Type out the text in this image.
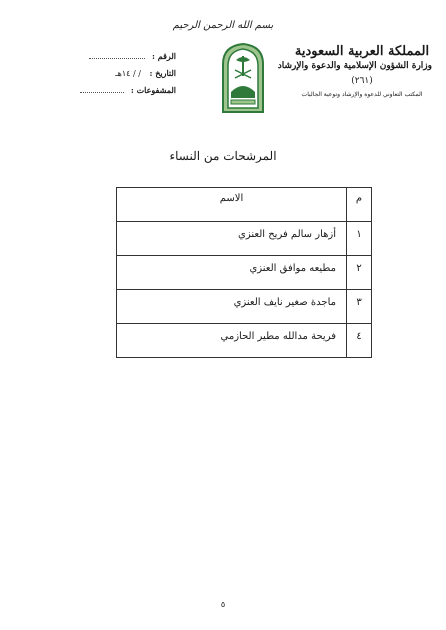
بسم الله الرحمن الرحيم
المملكة العربية السعودية
وزارة الشؤون الإسلامية والدعوة والإرشاد
(٢٦١)
المكتب التعاوني للدعوة والإرشاد وتوعية الجاليات
الرقم :
التاريخ : / / ١٤هـ
المشفوعات :
المرشحات من النساء
م	الاسم
١	أزهار سالم فريح العنزي
٢	مطيعه موافق العنزي
٣	ماجدة صغير نايف العنزي
٤	فريحة مدالله مطير الحازمي
٥
